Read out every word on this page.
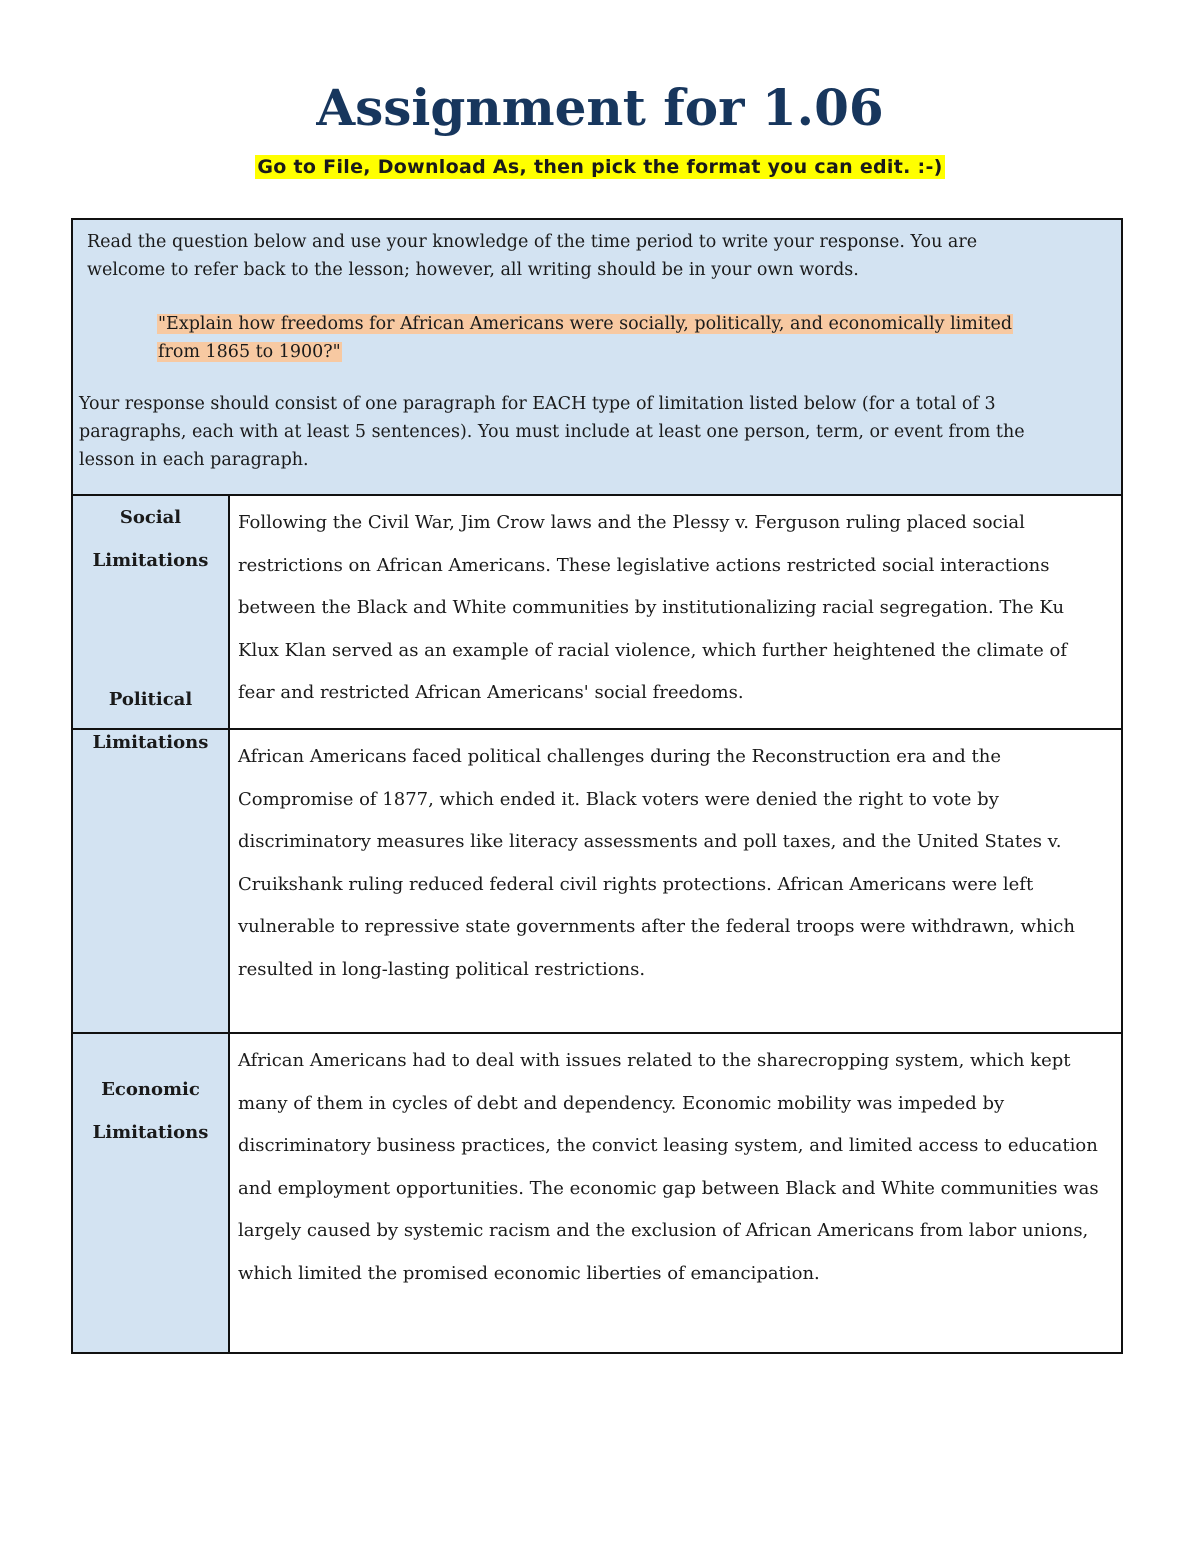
Assignment for 1.06
Go to File, Download As, then pick the format you can edit. :-)

Read the question below and use your knowledge of the time period to write your response. You are welcome to refer back to the lesson; however, all writing should be in your own words.

"Explain how freedoms for African Americans were socially, politically, and economically limited from 1865 to 1900?"

Your response should consist of one paragraph for EACH type of limitation listed below (for a total of 3 paragraphs, each with at least 5 sentences). You must include at least one person, term, or event from the lesson in each paragraph.	

Social Limitations	Following the Civil War, Jim Crow laws and the Plessy v. Ferguson ruling placed social restrictions on African Americans. These legislative actions restricted social interactions between the Black and White communities by institutionalizing racial segregation. The Ku Klux Klan served as an example of racial violence, which further heightened the climate of fear and restricted African Americans' social freedoms.

Political Limitations	African Americans faced political challenges during the Reconstruction era and the Compromise of 1877, which ended it. Black voters were denied the right to vote by discriminatory measures like literacy assessments and poll taxes, and the United States v. Cruikshank ruling reduced federal civil rights protections. African Americans were left vulnerable to repressive state governments after the federal troops were withdrawn, which resulted in long-lasting political restrictions.

Economic Limitations	African Americans had to deal with issues related to the sharecropping system, which kept many of them in cycles of debt and dependency. Economic mobility was impeded by discriminatory business practices, the convict leasing system, and limited access to education and employment opportunities. The economic gap between Black and White communities was largely caused by systemic racism and the exclusion of African Americans from labor unions, which limited the promised economic liberties of emancipation.
